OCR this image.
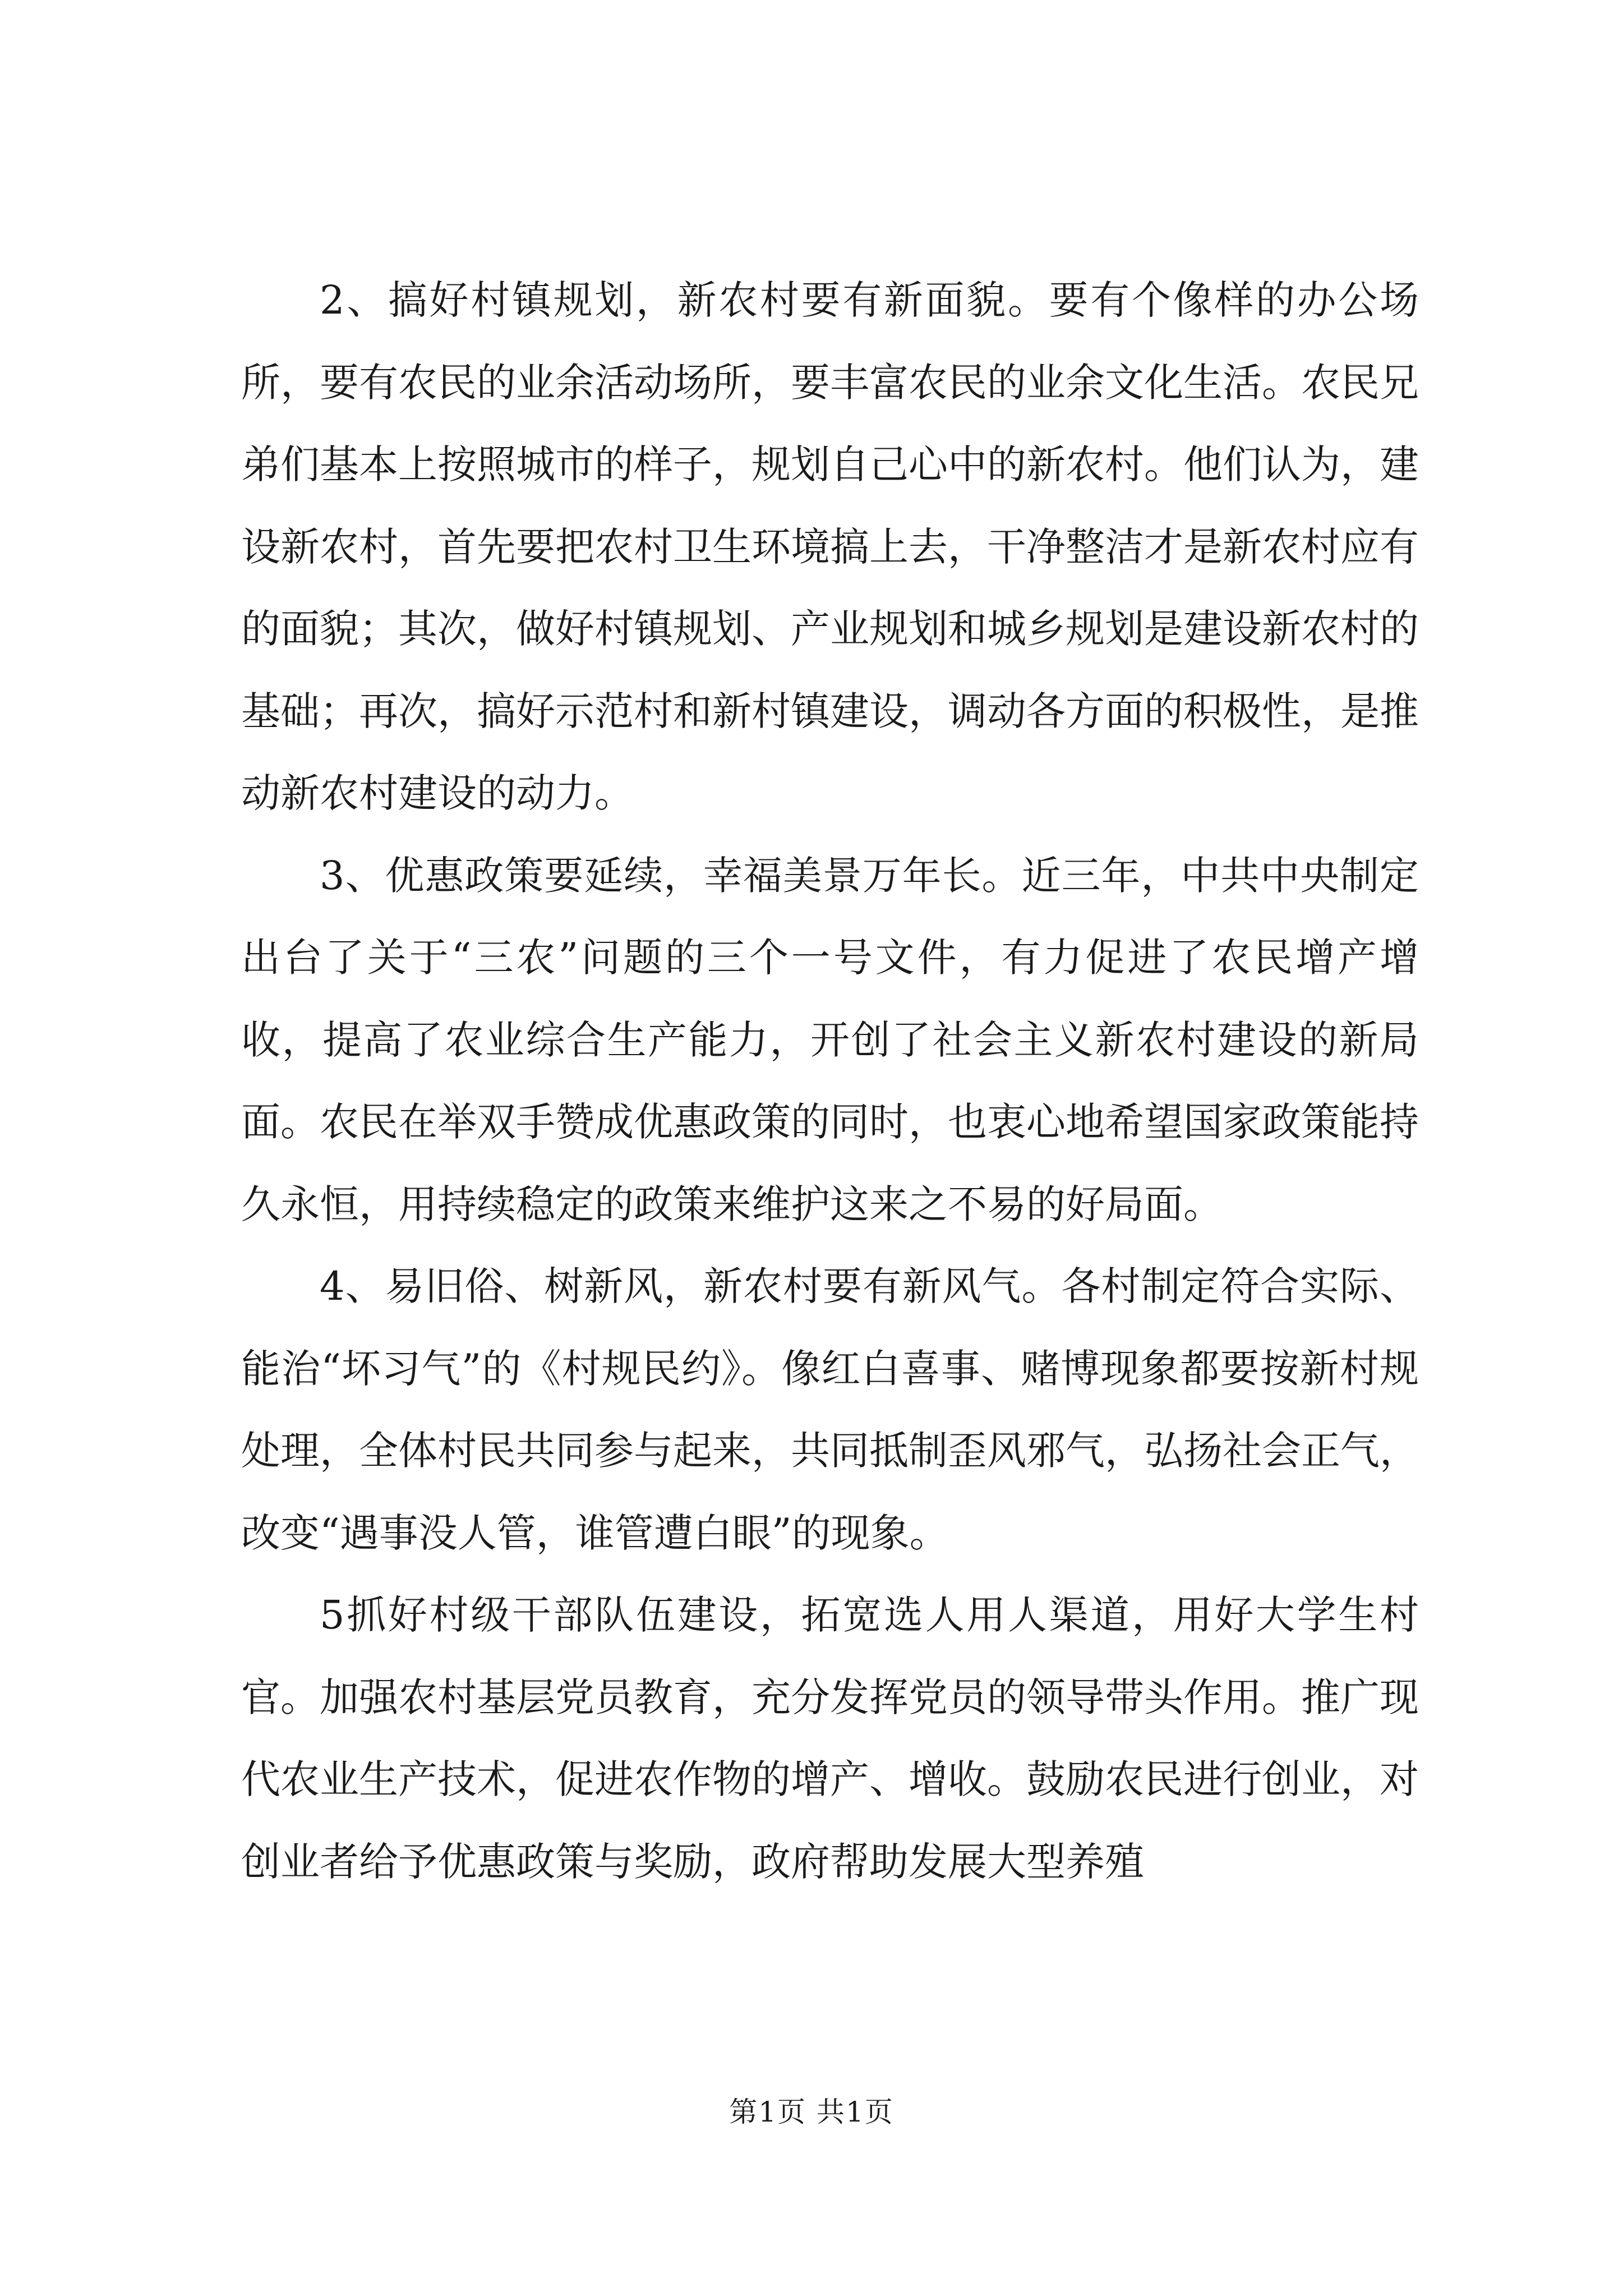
2、搞好村镇规划，新农村要有新面貌。要有个像样的办公场所，要有农民的业余活动场所，要丰富农民的业余文化生活。农民兄弟们基本上按照城市的样子，规划自己心中的新农村。他们认为，建设新农村，首先要把农村卫生环境搞上去，干净整洁才是新农村应有的面貌；其次，做好村镇规划、产业规划和城乡规划是建设新农村的基础；再次，搞好示范村和新村镇建设，调动各方面的积极性，是推动新农村建设的动力。

3、优惠政策要延续，幸福美景万年长。近三年，中共中央制定出台了关于“三农”问题的三个一号文件，有力促进了农民增产增收，提高了农业综合生产能力，开创了社会主义新农村建设的新局面。农民在举双手赞成优惠政策的同时，也衷心地希望国家政策能持久永恒，用持续稳定的政策来维护这来之不易的好局面。

4、易旧俗、树新风，新农村要有新风气。各村制定符合实际、能治“坏习气”的《村规民约》。像红白喜事、赌博现象都要按新村规处理，全体村民共同参与起来，共同抵制歪风邪气，弘扬社会正气，改变“遇事没人管，谁管遭白眼”的现象。

5抓好村级干部队伍建设，拓宽选人用人渠道，用好大学生村官。加强农村基层党员教育，充分发挥党员的领导带头作用。推广现代农业生产技术，促进农作物的增产、增收。鼓励农民进行创业，对创业者给予优惠政策与奖励，政府帮助发展大型养殖

第1页 共1页
